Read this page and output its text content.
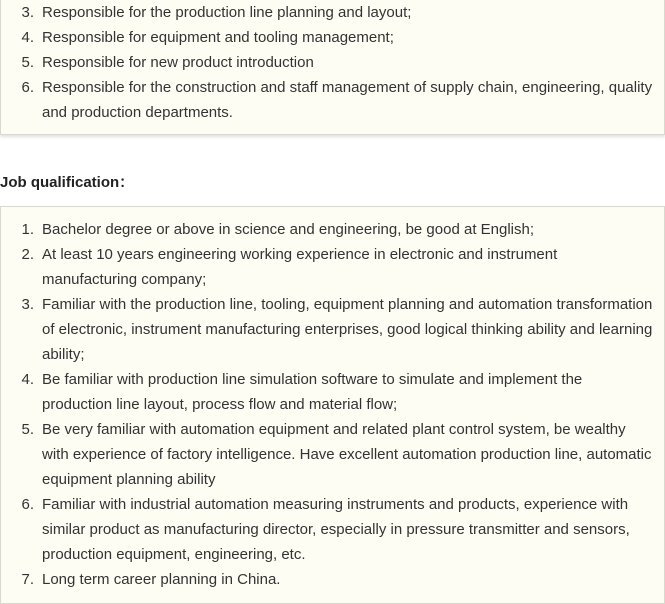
3. Responsible for the production line planning and layout;
4. Responsible for equipment and tooling management;
5. Responsible for new product introduction
6. Responsible for the construction and staff management of supply chain, engineering, quality and production departments.
Job qualification：
1. Bachelor degree or above in science and engineering, be good at English;
2. At least 10 years engineering working experience in electronic and instrument manufacturing company;
3. Familiar with the production line, tooling, equipment planning and automation transformation of electronic, instrument manufacturing enterprises, good logical thinking ability and learning ability;
4. Be familiar with production line simulation software to simulate and implement the production line layout, process flow and material flow;
5. Be very familiar with automation equipment and related plant control system, be wealthy with experience of factory intelligence. Have excellent automation production line, automatic equipment planning ability
6. Familiar with industrial automation measuring instruments and products, experience with similar product as manufacturing director, especially in pressure transmitter and sensors, production equipment, engineering, etc.
7. Long term career planning in China.
